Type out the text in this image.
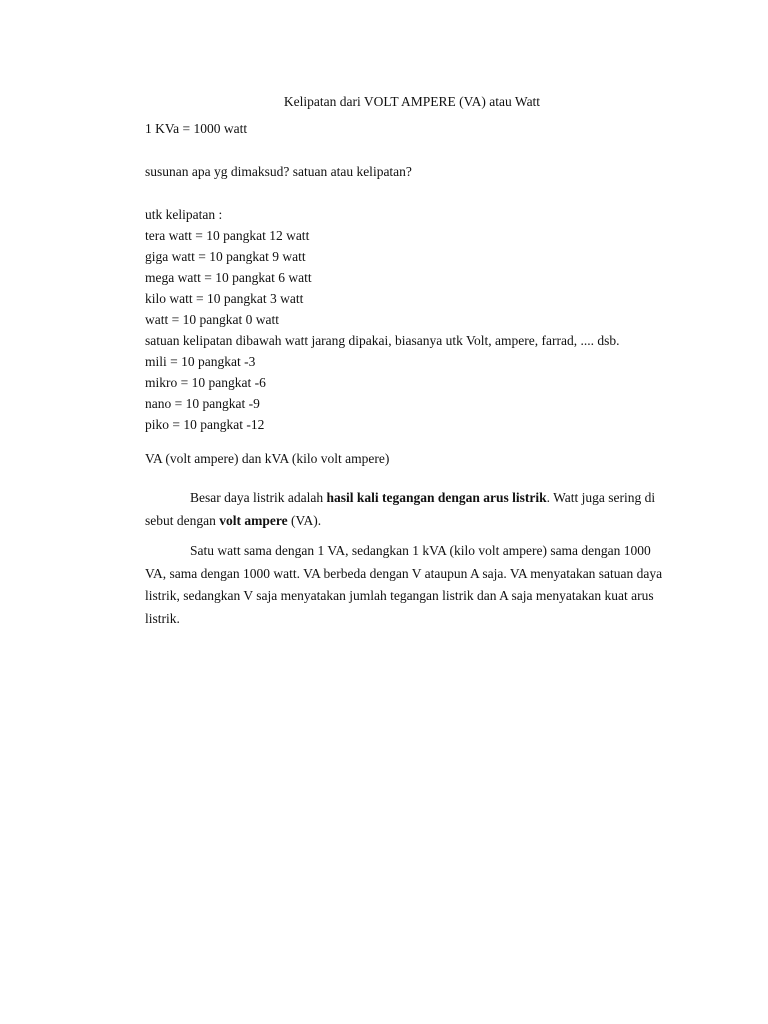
Kelipatan dari VOLT AMPERE (VA) atau Watt
1 KVa = 1000 watt
susunan apa yg dimaksud? satuan atau kelipatan?
utk kelipatan :
tera watt = 10 pangkat 12 watt
giga watt = 10 pangkat 9 watt
mega watt = 10 pangkat 6 watt
kilo watt = 10 pangkat 3 watt
watt = 10 pangkat 0 watt
satuan kelipatan dibawah watt jarang dipakai, biasanya utk Volt, ampere, farrad, .... dsb.
mili = 10 pangkat -3
mikro = 10 pangkat -6
nano = 10 pangkat -9
piko = 10 pangkat -12
VA (volt ampere) dan kVA (kilo volt ampere)
Besar daya listrik adalah hasil kali tegangan dengan arus listrik. Watt juga sering di sebut dengan volt ampere (VA).
Satu watt sama dengan 1 VA, sedangkan 1 kVA (kilo volt ampere) sama dengan 1000 VA, sama dengan 1000 watt. VA berbeda dengan V ataupun A saja. VA menyatakan satuan daya listrik, sedangkan V saja menyatakan jumlah tegangan listrik dan A saja menyatakan kuat arus listrik.
